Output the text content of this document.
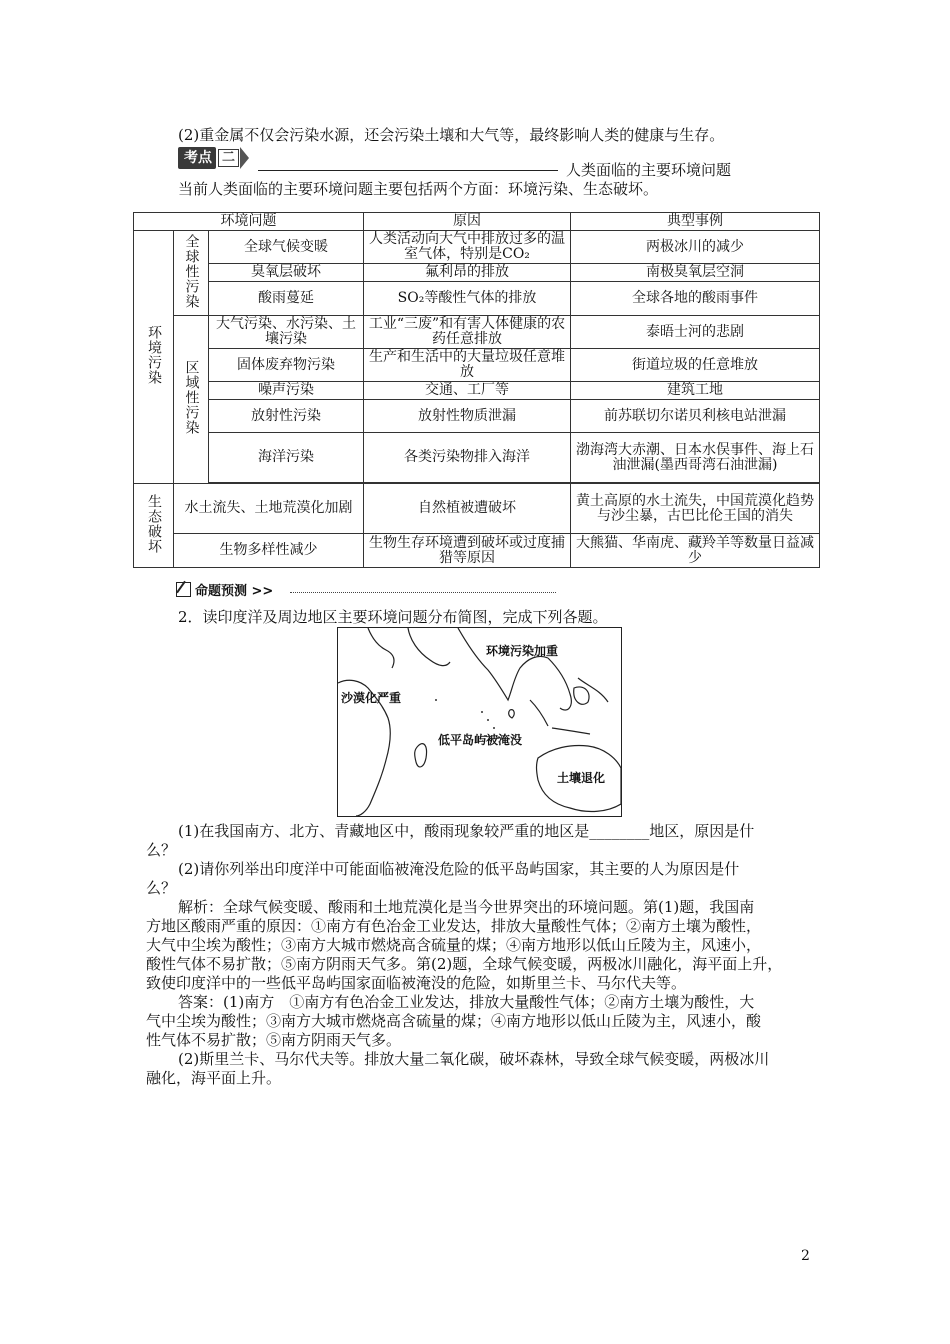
(2)重金属不仅会污染水源，还会污染土壤和大气等，最终影响人类的健康与生存。
考点 二
人类面临的主要环境问题
当前人类面临的主要环境问题主要包括两个方面：环境污染、生态破坏。
环境问题			原因	典型事例
环境污染	全球性污染	全球气候变暖	人类活动向大气中排放过多的温室气体，特别是CO₂	两极冰川的减少
		臭氧层破坏	氟利昂的排放	南极臭氧层空洞
		酸雨蔓延	SO₂等酸性气体的排放	全球各地的酸雨事件
	区域性污染	大气污染、水污染、土壤污染	工业“三废”和有害人体健康的农药任意排放	泰晤士河的悲剧
		固体废弃物污染	生产和生活中的大量垃圾任意堆放	街道垃圾的任意堆放
		噪声污染	交通、工厂等	建筑工地
		放射性污染	放射性物质泄漏	前苏联切尔诺贝利核电站泄漏
		海洋污染	各类污染物排入海洋	渤海湾大赤潮、日本水俣事件、海上石油泄漏(墨西哥湾石油泄漏)

生态破坏	水土流失、土地荒漠化加剧		自然植被遭破坏	黄土高原的水土流失，中国荒漠化趋势与沙尘暴，古巴比伦王国的消失
	生物多样性减少		生物生存环境遭到破坏或过度捕猎等原因	大熊猫、华南虎、藏羚羊等数量日益减少
命题预测 >>
2．读印度洋及周边地区主要环境问题分布简图，完成下列各题。
环境污染加重
沙漠化严重
低平岛屿被淹没
土壤退化
(1)在我国南方、北方、青藏地区中，酸雨现象较严重的地区是________地区，原因是什
么？
(2)请你列举出印度洋中可能面临被淹没危险的低平岛屿国家，其主要的人为原因是什
么？
解析：全球气候变暖、酸雨和土地荒漠化是当今世界突出的环境问题。第(1)题，我国南
方地区酸雨严重的原因：①南方有色冶金工业发达，排放大量酸性气体；②南方土壤为酸性，
大气中尘埃为酸性；③南方大城市燃烧高含硫量的煤；④南方地形以低山丘陵为主，风速小，
酸性气体不易扩散；⑤南方阴雨天气多。第(2)题，全球气候变暖，两极冰川融化，海平面上升，
致使印度洋中的一些低平岛屿国家面临被淹没的危险，如斯里兰卡、马尔代夫等。
答案：(1)南方　①南方有色冶金工业发达，排放大量酸性气体；②南方土壤为酸性，大
气中尘埃为酸性；③南方大城市燃烧高含硫量的煤；④南方地形以低山丘陵为主，风速小，酸
性气体不易扩散；⑤南方阴雨天气多。
(2)斯里兰卡、马尔代夫等。排放大量二氧化碳，破坏森林，导致全球气候变暖，两极冰川
融化，海平面上升。
2
